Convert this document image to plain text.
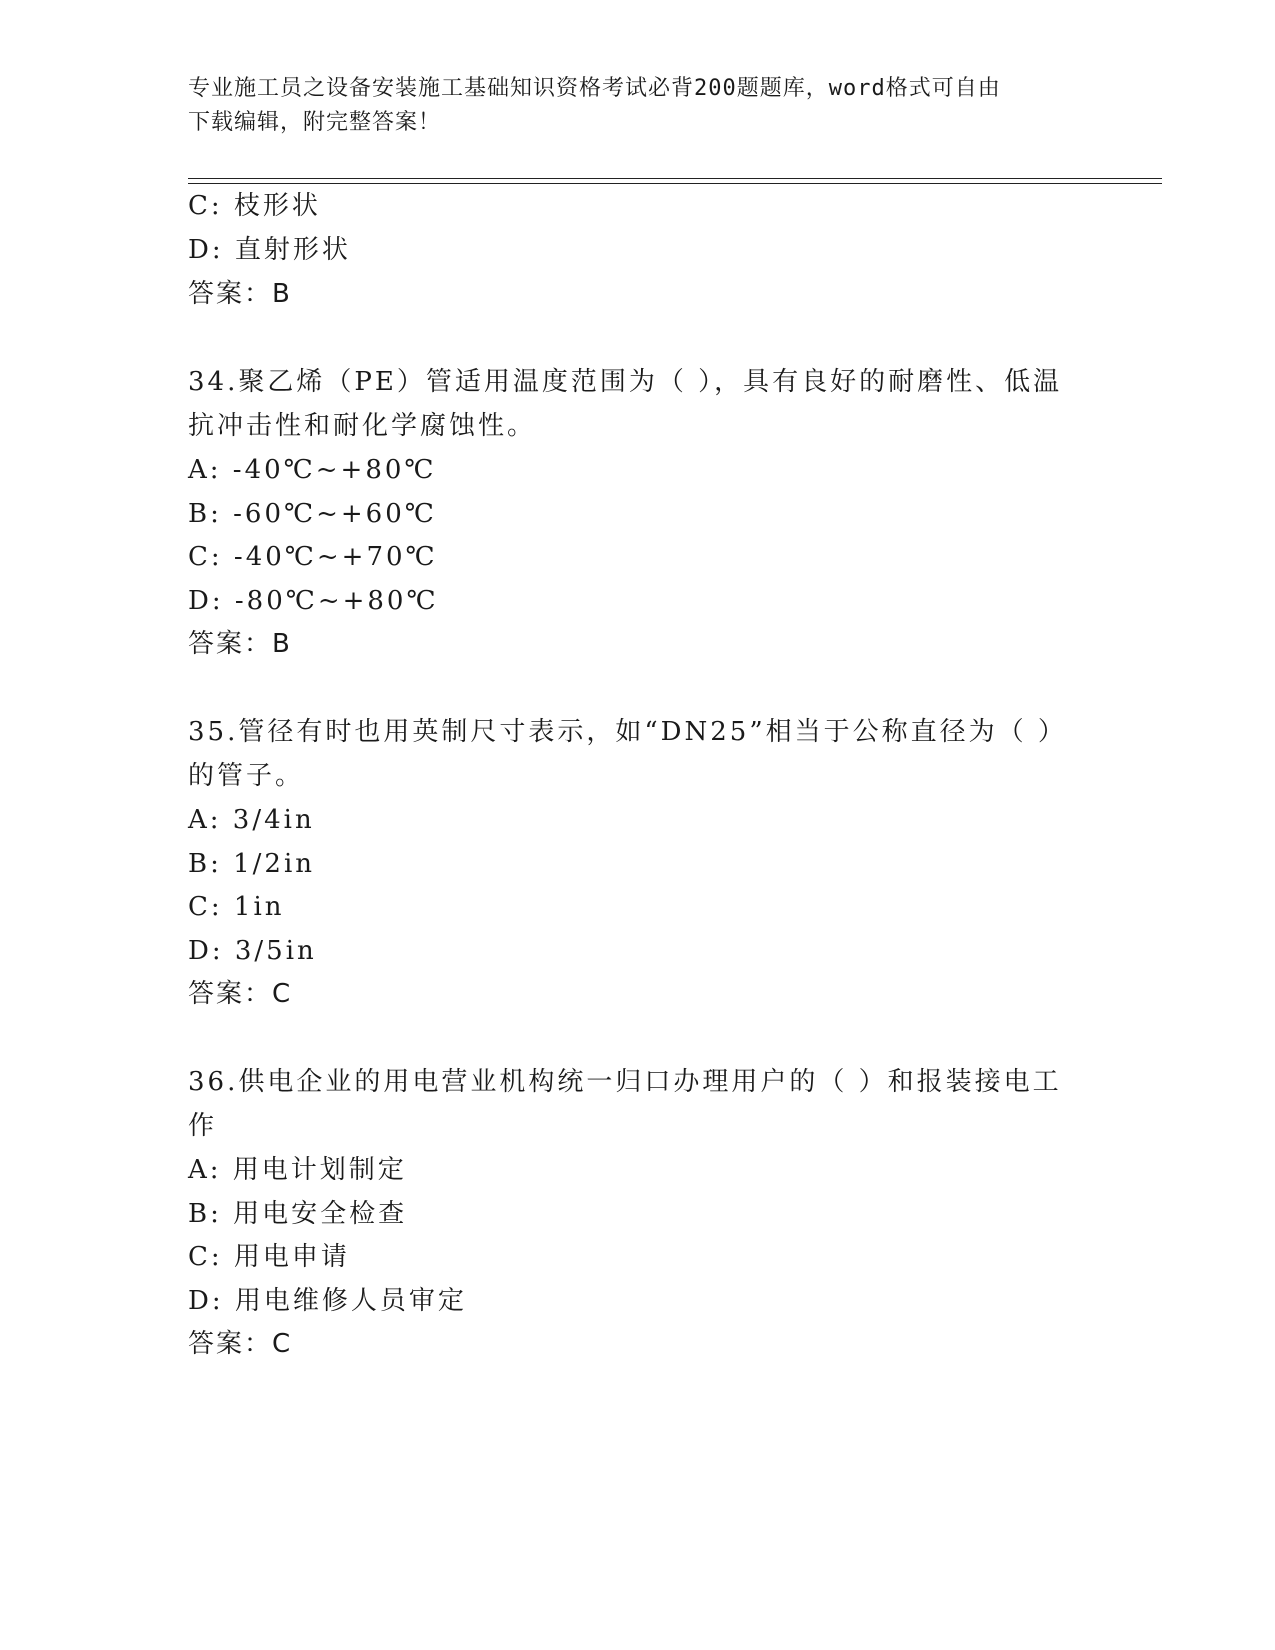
专业施工员之设备安装施工基础知识资格考试必背200题题库，word格式可自由
下载编辑，附完整答案！
C: 枝形状
D: 直射形状
答案：B
34.聚乙烯（PE）管适用温度范围为（ ），具有良好的耐磨性、低温
抗冲击性和耐化学腐蚀性。
A: -40℃~+80℃
B: -60℃~+60℃
C: -40℃~+70℃
D: -80℃~+80℃
答案：B
35.管径有时也用英制尺寸表示，如“DN25”相当于公称直径为（ ）
的管子。
A: 3/4in
B: 1/2in
C: 1in
D: 3/5in
答案：C
36.供电企业的用电营业机构统一归口办理用户的（ ）和报装接电工
作
A: 用电计划制定
B: 用电安全检查
C: 用电申请
D: 用电维修人员审定
答案：C
